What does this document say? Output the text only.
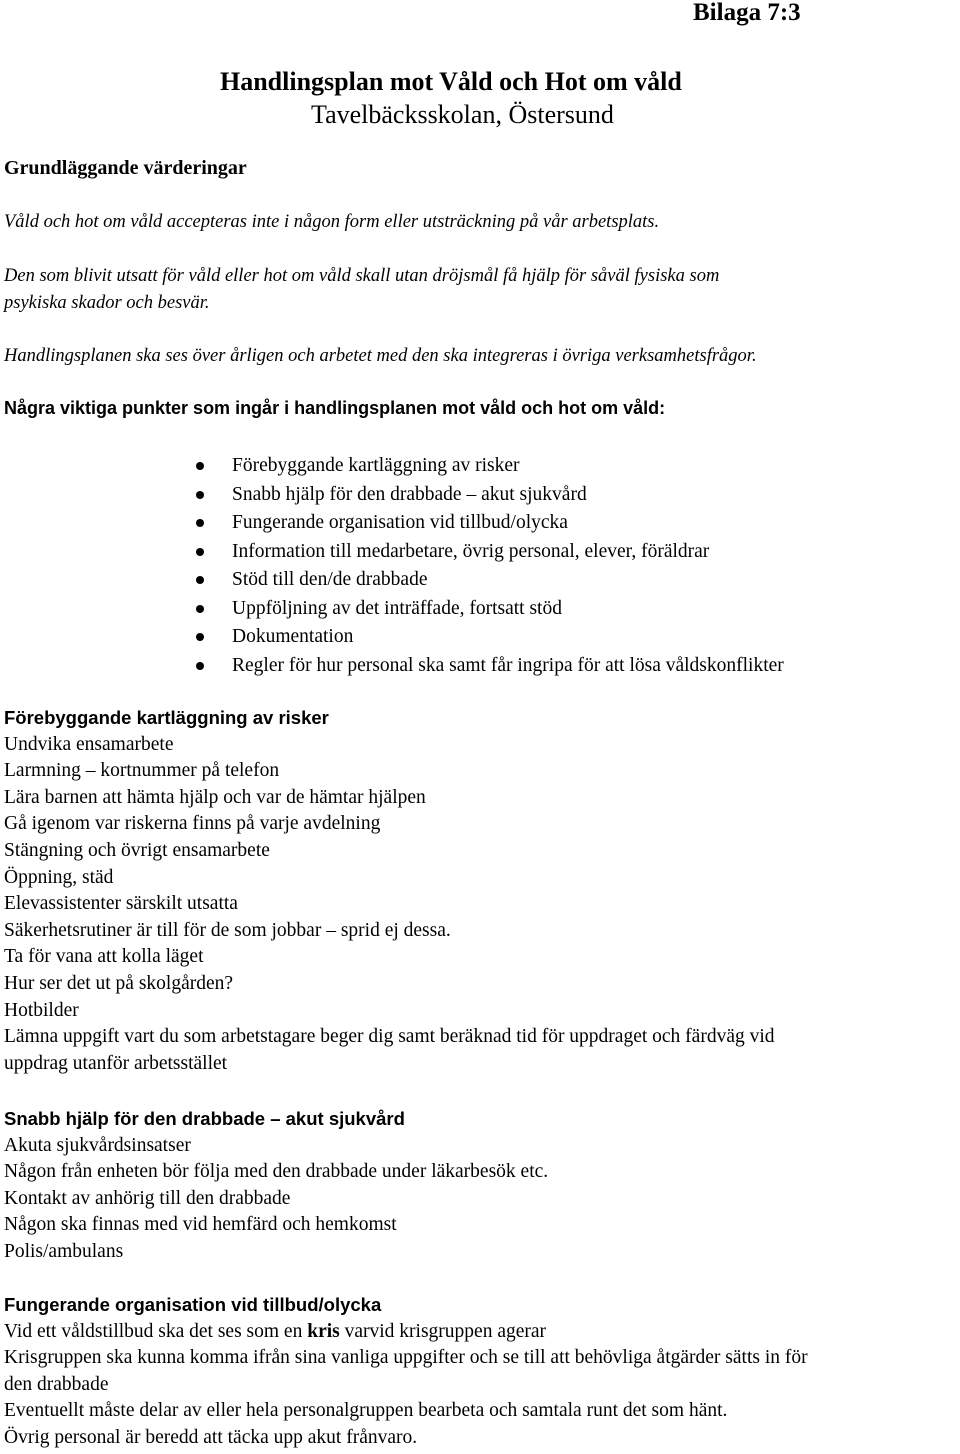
Bilaga 7:3
Handlingsplan mot Våld och Hot om våld
Tavelbäcksskolan, Östersund
Grundläggande värderingar
Våld och hot om våld accepteras inte i någon form eller utsträckning på vår arbetsplats.
Den som blivit utsatt för våld eller hot om våld skall utan dröjsmål få hjälp för såväl fysiska som
psykiska skador och besvär.
Handlingsplanen ska ses över årligen och arbetet med den ska integreras i övriga verksamhetsfrågor.
Några viktiga punkter som ingår i handlingsplanen mot våld och hot om våld:
Förebyggande kartläggning av risker
Snabb hjälp för den drabbade – akut sjukvård
Fungerande organisation vid tillbud/olycka
Information till medarbetare, övrig personal, elever, föräldrar
Stöd till den/de drabbade
Uppföljning av det inträffade, fortsatt stöd
Dokumentation
Regler för hur personal ska samt får ingripa för att lösa våldskonflikter
Förebyggande kartläggning av risker
Undvika ensamarbete
Larmning – kortnummer på telefon
Lära barnen att hämta hjälp och var de hämtar hjälpen
Gå igenom var riskerna finns på varje avdelning
Stängning och övrigt ensamarbete
Öppning, städ
Elevassistenter särskilt utsatta
Säkerhetsrutiner är till för de som jobbar – sprid ej dessa.
Ta för vana att kolla läget
Hur ser det ut på skolgården?
Hotbilder
Lämna uppgift vart du som arbetstagare beger dig samt beräknad tid för uppdraget och färdväg vid
uppdrag utanför arbetsstället
Snabb hjälp för den drabbade – akut sjukvård
Akuta sjukvårdsinsatser
Någon från enheten bör följa med den drabbade under läkarbesök etc.
Kontakt av anhörig till den drabbade
Någon ska finnas med vid hemfärd och hemkomst
Polis/ambulans
Fungerande organisation vid tillbud/olycka
Vid ett våldstillbud ska det ses som en kris varvid krisgruppen agerar
Krisgruppen ska kunna komma ifrån sina vanliga uppgifter och se till att behövliga åtgärder sätts in för
den drabbade
Eventuellt måste delar av eller hela personalgruppen bearbeta och samtala runt det som hänt.
Övrig personal är beredd att täcka upp akut frånvaro.
